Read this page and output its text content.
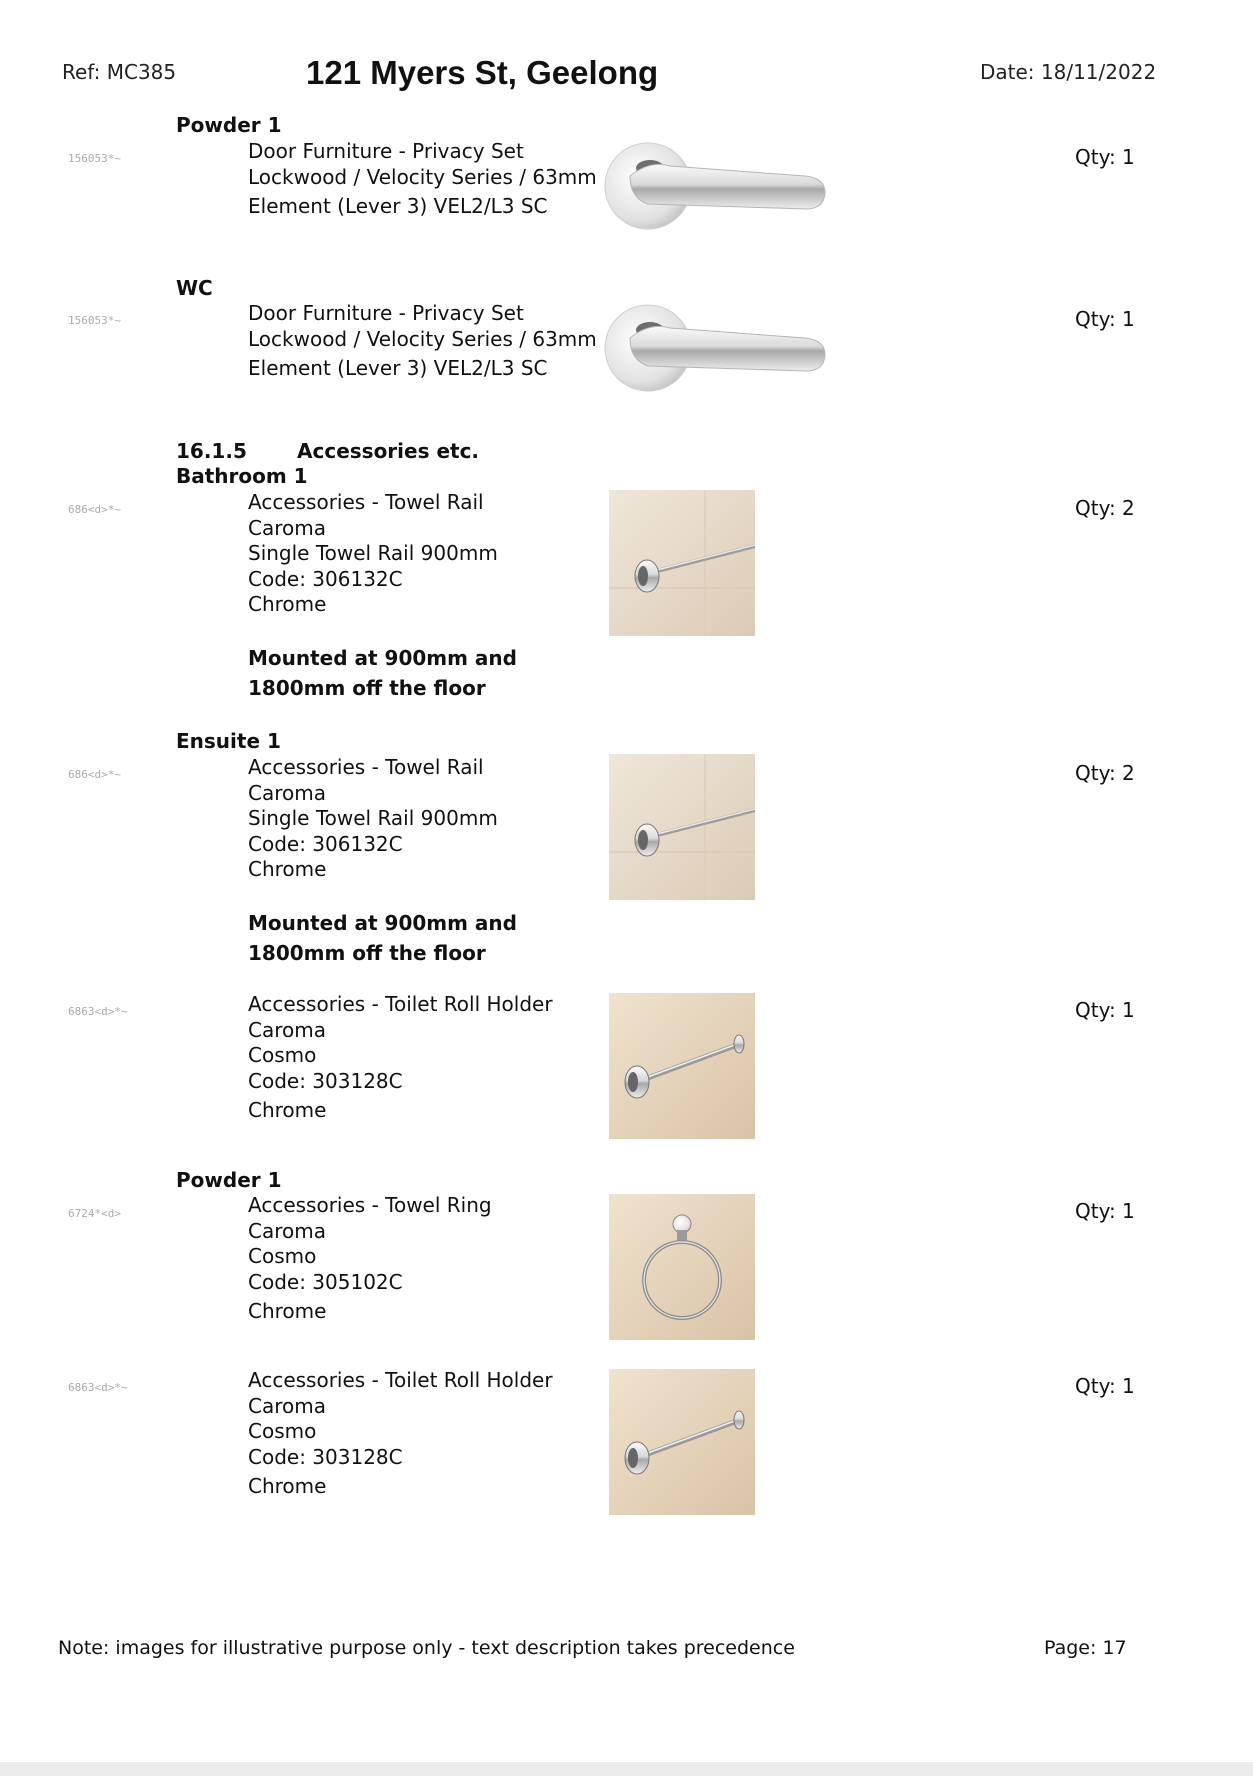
Ref: MC385	121 Myers St, Geelong	Date: 18/11/2022
Powder 1
156053*~	Door Furniture - Privacy Set
Lockwood / Velocity Series / 63mm
Element (Lever 3) VEL2/L3 SC
Qty: 1
WC
156053*~	Door Furniture - Privacy Set
Lockwood / Velocity Series / 63mm
Element (Lever 3) VEL2/L3 SC
Qty: 1
16.1.5	Accessories etc.
Bathroom 1
686<d>*~	Accessories - Towel Rail
Caroma
Single Towel Rail 900mm
Code: 306132C
Chrome
Mounted at 900mm and
1800mm off the floor
Qty: 2
Ensuite 1
686<d>*~	Accessories - Towel Rail
Caroma
Single Towel Rail 900mm
Code: 306132C
Chrome
Mounted at 900mm and
1800mm off the floor
Qty: 2
6863<d>*~	Accessories - Toilet Roll Holder
Caroma
Cosmo
Code: 303128C
Chrome
Qty: 1
Powder 1
6724*<d>	Accessories - Towel Ring
Caroma
Cosmo
Code: 305102C
Chrome
Qty: 1
6863<d>*~	Accessories - Toilet Roll Holder
Caroma
Cosmo
Code: 303128C
Chrome
Qty: 1
Note: images for illustrative purpose only - text description takes precedence	Page: 17
